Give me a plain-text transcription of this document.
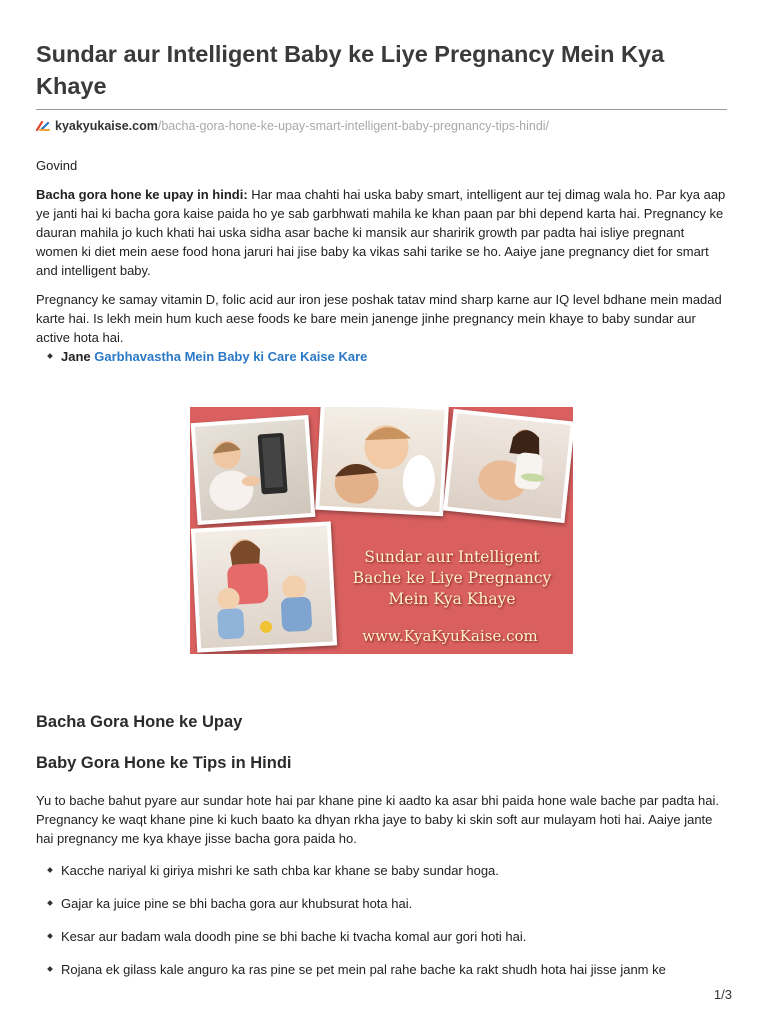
Sundar aur Intelligent Baby ke Liye Pregnancy Mein Kya Khaye
kyakyukaise.com /bacha-gora-hone-ke-upay-smart-intelligent-baby-pregnancy-tips-hindi/
Govind

Bacha gora hone ke upay in hindi: Har maa chahti hai uska baby smart, intelligent aur tej dimag wala ho. Par kya aap ye janti hai ki bacha gora kaise paida ho ye sab garbhwati mahila ke khan paan par bhi depend karta hai. Pregnancy ke dauran mahila jo kuch khati hai uska sidha asar bache ki mansik aur sharirik growth par padta hai isliye pregnant women ki diet mein aese food hona jaruri hai jise baby ka vikas sahi tarike se ho. Aaiye jane pregnancy diet for smart and intelligent baby.

Pregnancy ke samay vitamin D, folic acid aur iron jese poshak tatav mind sharp karne aur IQ level bdhane mein madad karte hai. Is lekh mein hum kuch aese foods ke bare mein janenge jinhe pregnancy mein khaye to baby sundar aur active hota hai.

Jane Garbhavastha Mein Baby ki Care Kaise Kare
Sundar aur Intelligent
Bache ke Liye Pregnancy
Mein Kya Khaye
www.KyaKyuKaise.com
Bacha Gora Hone ke Upay
Baby Gora Hone ke Tips in Hindi

Yu to bache bahut pyare aur sundar hote hai par khane pine ki aadto ka asar bhi paida hone wale bache par padta hai. Pregnancy ke waqt khane pine ki kuch baato ka dhyan rkha jaye to baby ki skin soft aur mulayam hoti hai. Aaiye jante hai pregnancy me kya khaye jisse bacha gora paida ho.

Kacche nariyal ki giriya mishri ke sath chba kar khane se baby sundar hoga.
Gajar ka juice pine se bhi bacha gora aur khubsurat hota hai.
Kesar aur badam wala doodh pine se bhi bache ki tvacha komal aur gori hoti hai.
Rojana ek gilass kale anguro ka ras pine se pet mein pal rahe bache ka rakt shudh hota hai jisse janm ke
1/3
